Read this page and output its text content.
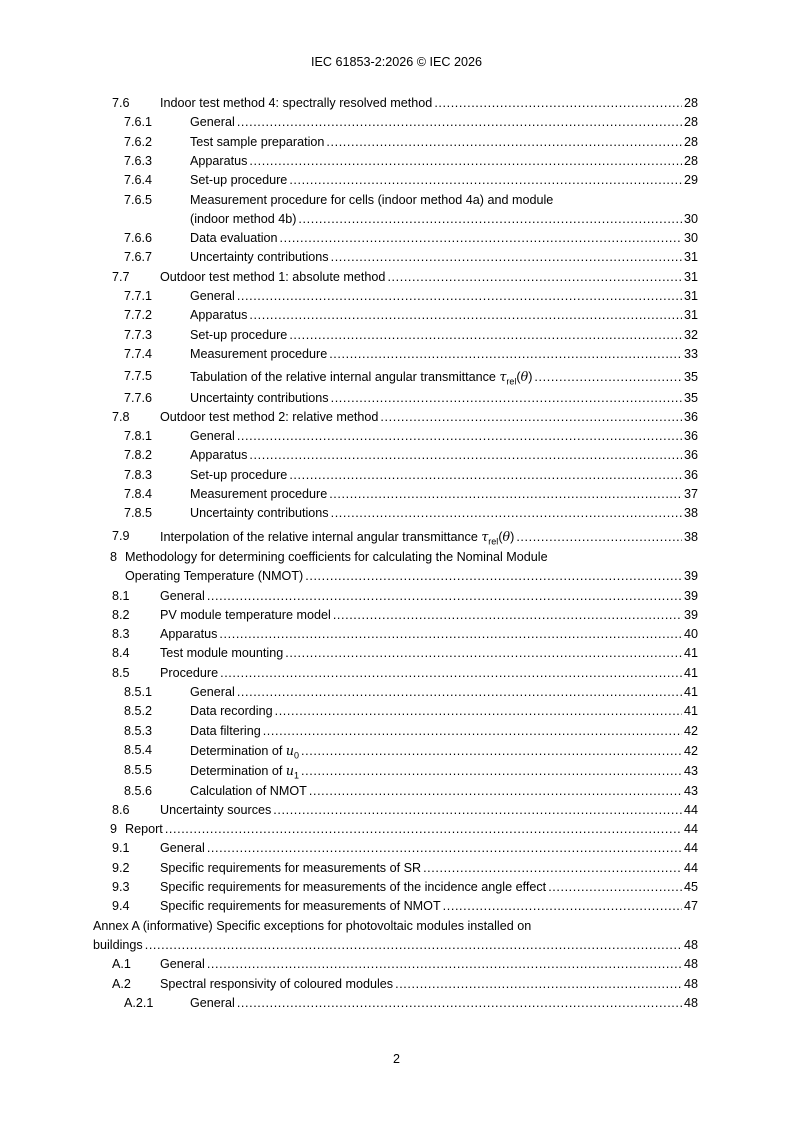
IEC 61853-2:2026 © IEC 2026
7.6 Indoor test method 4: spectrally resolved method .....	28
7.6.1	General .....	28
7.6.2	Test sample preparation .....	28
7.6.3	Apparatus .....	28
7.6.4	Set-up procedure .....	29
7.6.5	Measurement procedure for cells (indoor method 4a) and module
(indoor method 4b) .....	30
7.6.6	Data evaluation .....	30
7.6.7	Uncertainty contributions .....	31
7.7 Outdoor test method 1: absolute method .....	31
7.7.1	General .....	31
7.7.2	Apparatus .....	31
7.7.3	Set-up procedure .....	32
7.7.4	Measurement procedure .....	33
7.7.5	Tabulation of the relative internal angular transmittance $\tau_{rel}(\theta)$ .....	35
7.7.6	Uncertainty contributions .....	35
7.8 Outdoor test method 2: relative method .....	36
7.8.1	General .....	36
7.8.2	Apparatus .....	36
7.8.3	Set-up procedure .....	36
7.8.4	Measurement procedure .....	37
7.8.5	Uncertainty contributions .....	38
7.9 Interpolation of the relative internal angular transmittance $\tau_{rel}(\theta)$ .....	38
8 Methodology for determining coefficients for calculating the Nominal Module
Operating Temperature (NMOT) .....	39
8.1 General .....	39
8.2 PV module temperature model .....	39
8.3 Apparatus .....	40
8.4 Test module mounting .....	41
8.5 Procedure .....	41
8.5.1	General .....	41
8.5.2	Data recording .....	41
8.5.3	Data filtering .....	42
8.5.4	Determination of $u_0$ .....	42
8.5.5	Determination of $u_1$ .....	43
8.5.6	Calculation of NMOT .....	43
8.6 Uncertainty sources .....	44
9 Report .....	44
9.1 General .....	44
9.2 Specific requirements for measurements of SR .....	44
9.3 Specific requirements for measurements of the incidence angle effect .....	45
9.4 Specific requirements for measurements of NMOT .....	47
Annex A (informative) Specific exceptions for photovoltaic modules installed on
buildings .....	48
A.1 General .....	48
A.2 Spectral responsivity of coloured modules .....	48
A.2.1	General .....	48
2
